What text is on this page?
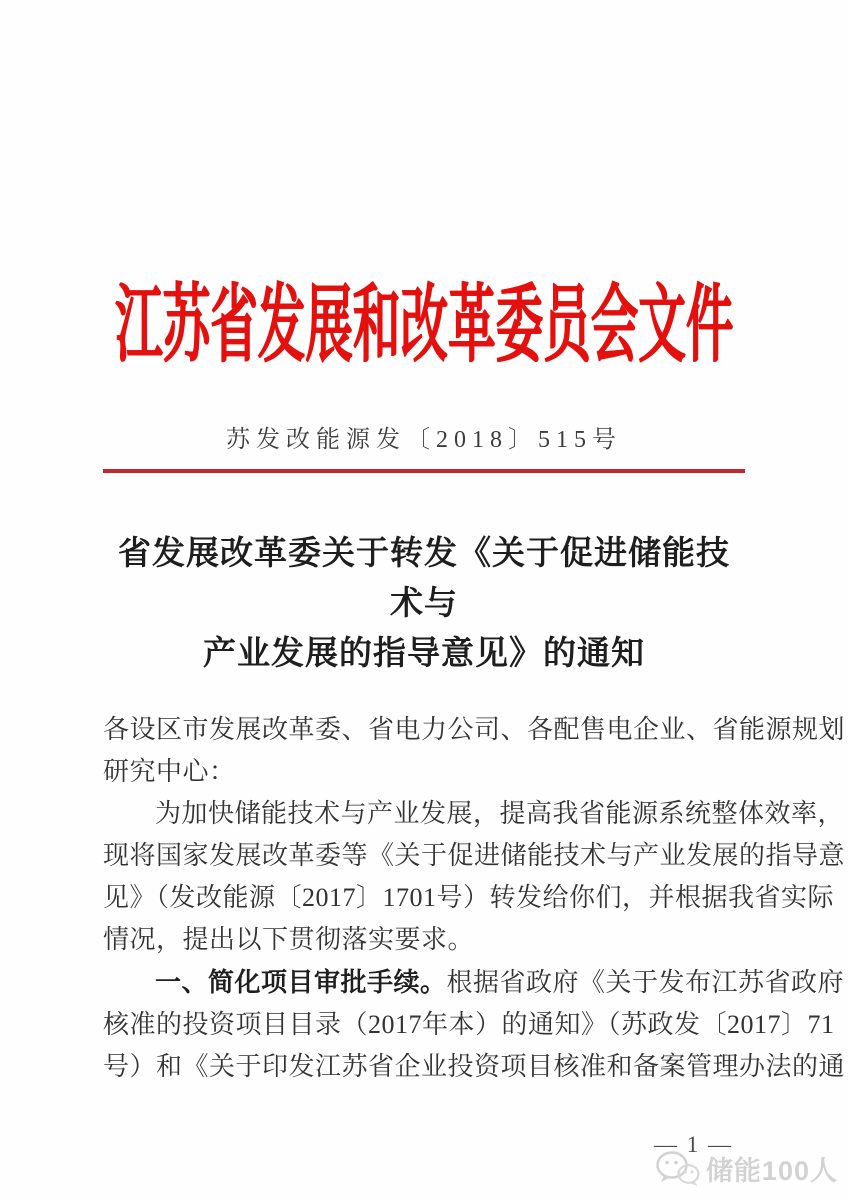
江苏省发展和改革委员会文件
苏发改能源发〔2018〕515号
省发展改革委关于转发《关于促进储能技术与
产业发展的指导意见》的通知
各设区市发展改革委、省电力公司、各配售电企业、省能源规划
研究中心：
为加快储能技术与产业发展，提高我省能源系统整体效率，
现将国家发展改革委等《关于促进储能技术与产业发展的指导意
见》（发改能源〔2017〕1701号）转发给你们，并根据我省实际
情况，提出以下贯彻落实要求。
一、简化项目审批手续。根据省政府《关于发布江苏省政府
核准的投资项目目录（2017年本）的通知》（苏政发〔2017〕71
号）和《关于印发江苏省企业投资项目核准和备案管理办法的通
— 1 —
储能100人
